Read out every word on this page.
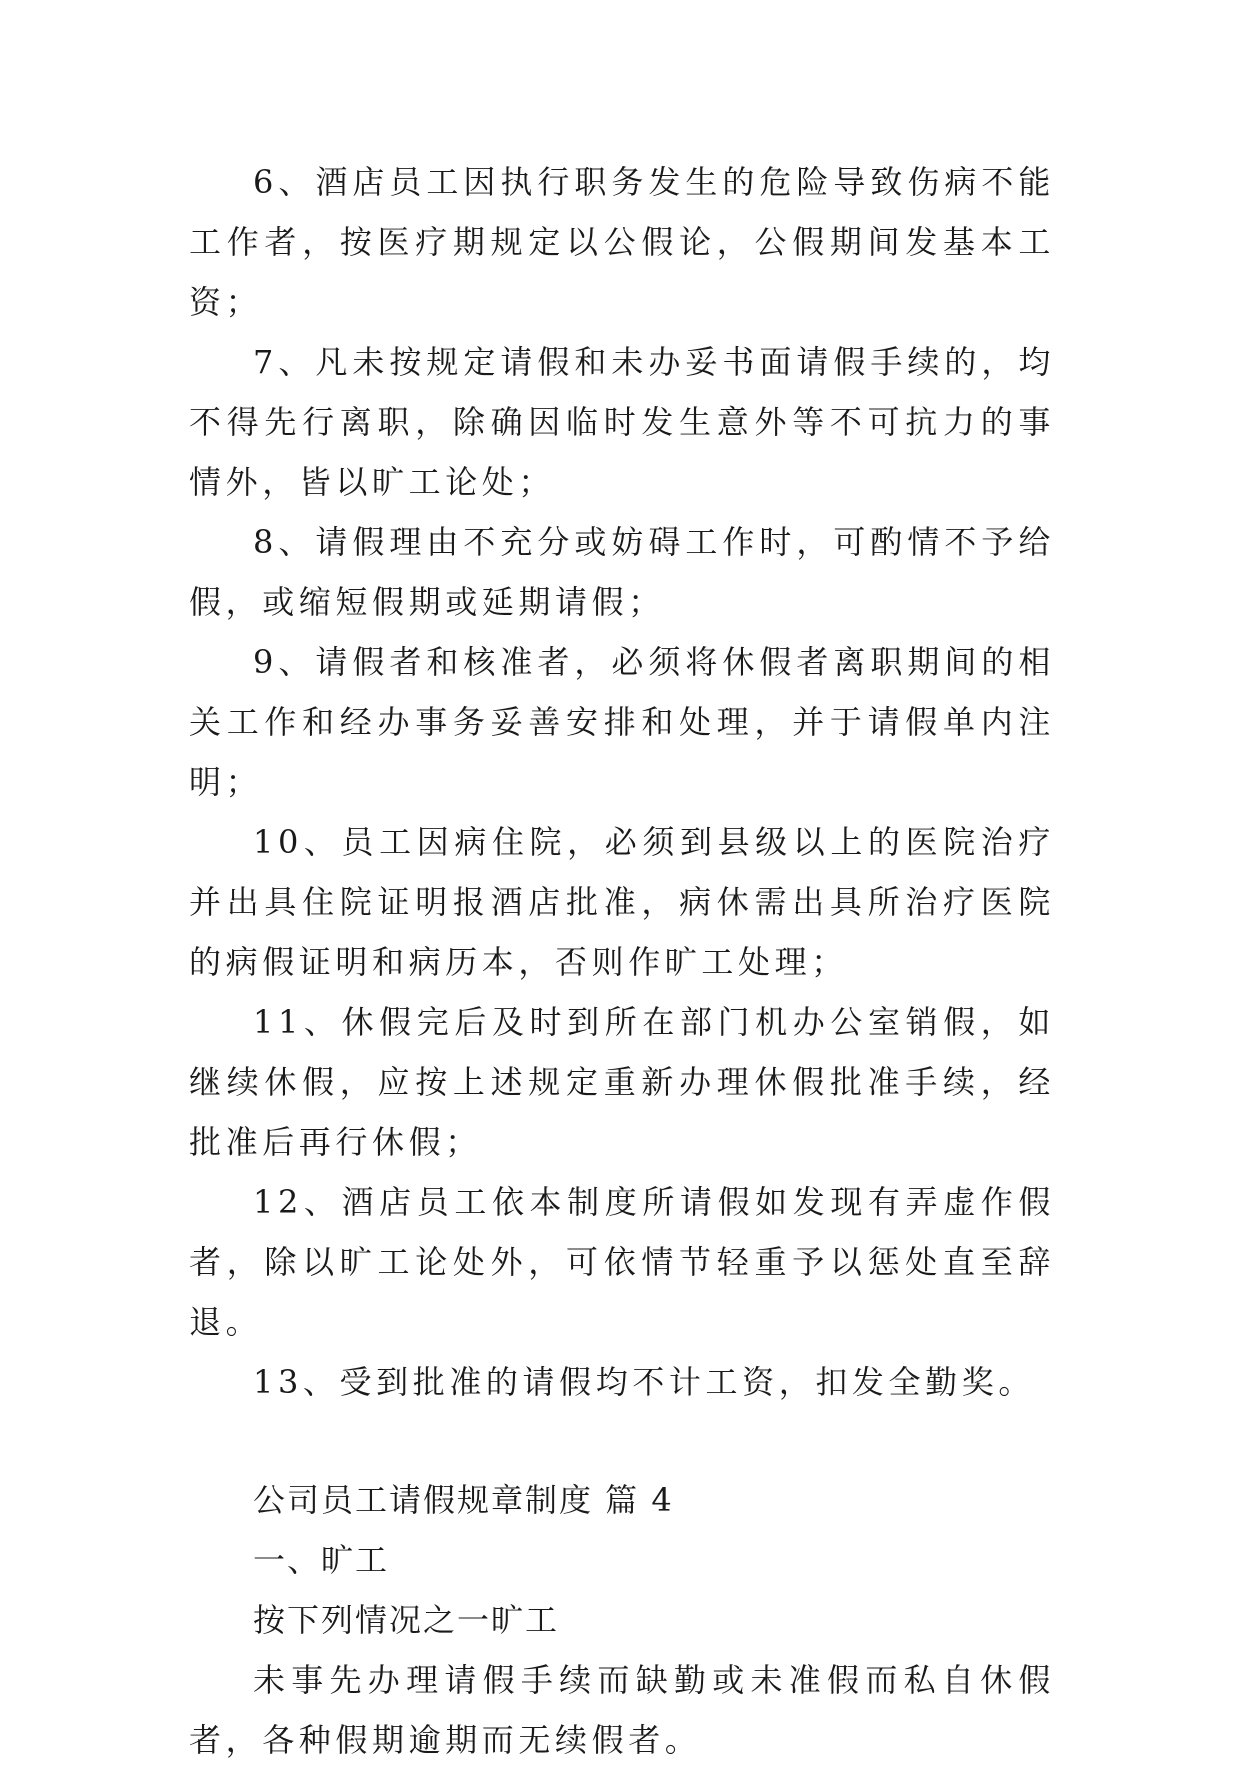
6、酒店员工因执行职务发生的危险导致伤病不能工作者，按医疗期规定以公假论，公假期间发基本工资；

7、凡未按规定请假和未办妥书面请假手续的，均不得先行离职，除确因临时发生意外等不可抗力的事情外，皆以旷工论处；

8、请假理由不充分或妨碍工作时，可酌情不予给假，或缩短假期或延期请假；

9、请假者和核准者，必须将休假者离职期间的相关工作和经办事务妥善安排和处理，并于请假单内注明；

10、员工因病住院，必须到县级以上的医院治疗并出具住院证明报酒店批准，病休需出具所治疗医院的病假证明和病历本，否则作旷工处理；

11、休假完后及时到所在部门机办公室销假，如继续休假，应按上述规定重新办理休假批准手续，经批准后再行休假；

12、酒店员工依本制度所请假如发现有弄虚作假者，除以旷工论处外，可依情节轻重予以惩处直至辞退。

13、受到批准的请假均不计工资，扣发全勤奖。

公司员工请假规章制度 篇 4

一、旷工

按下列情况之一旷工

未事先办理请假手续而缺勤或未准假而私自休假者，各种假期逾期而无续假者。
